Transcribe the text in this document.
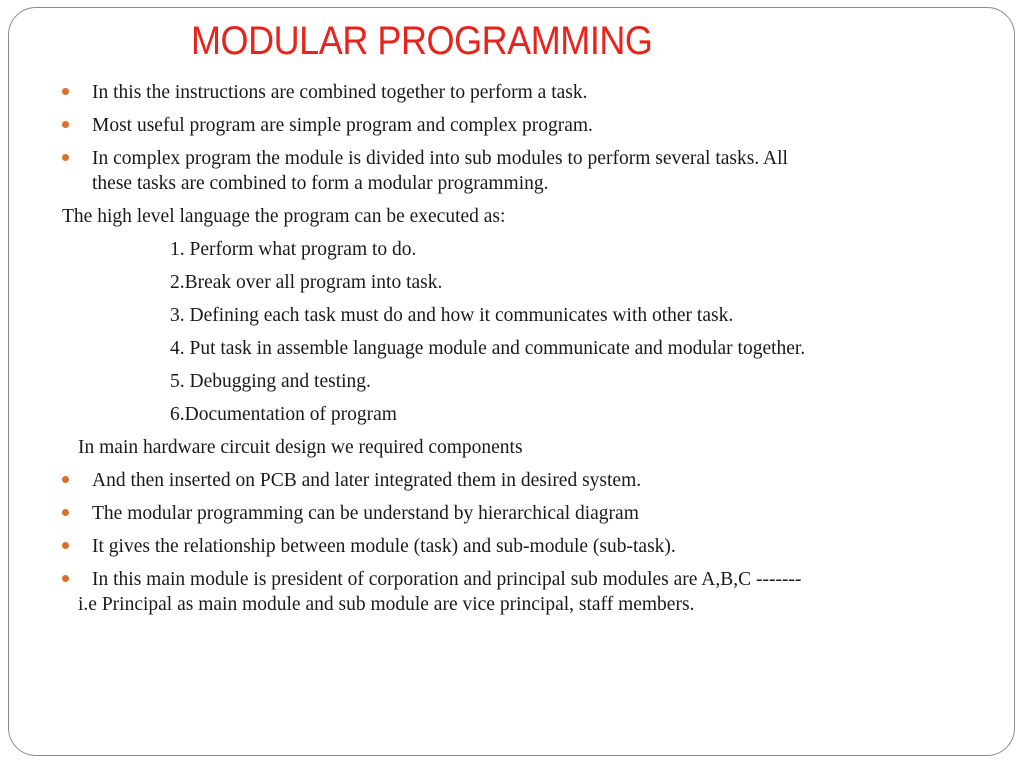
MODULAR PROGRAMMING
In this the instructions are combined together to perform a task.
Most useful program are simple program and complex program.
In complex program the module is divided into sub modules to perform several tasks. All
these tasks are combined to form a modular programming.
The high level language the program can be executed as:
1. Perform what program to do.
2.Break over all program into task.
3. Defining each task must do and how it communicates with other task.
4. Put task in assemble language module and communicate and modular together.
5. Debugging and testing.
6.Documentation of program
In main hardware circuit design we required components
And then inserted on PCB and later integrated them in desired system.
The modular programming can be understand by hierarchical diagram
It gives the relationship between module (task) and sub-module (sub-task).
In this main module is president of corporation and principal sub modules are A,B,C -------
i.e Principal as main module and sub module are vice principal, staff members.
